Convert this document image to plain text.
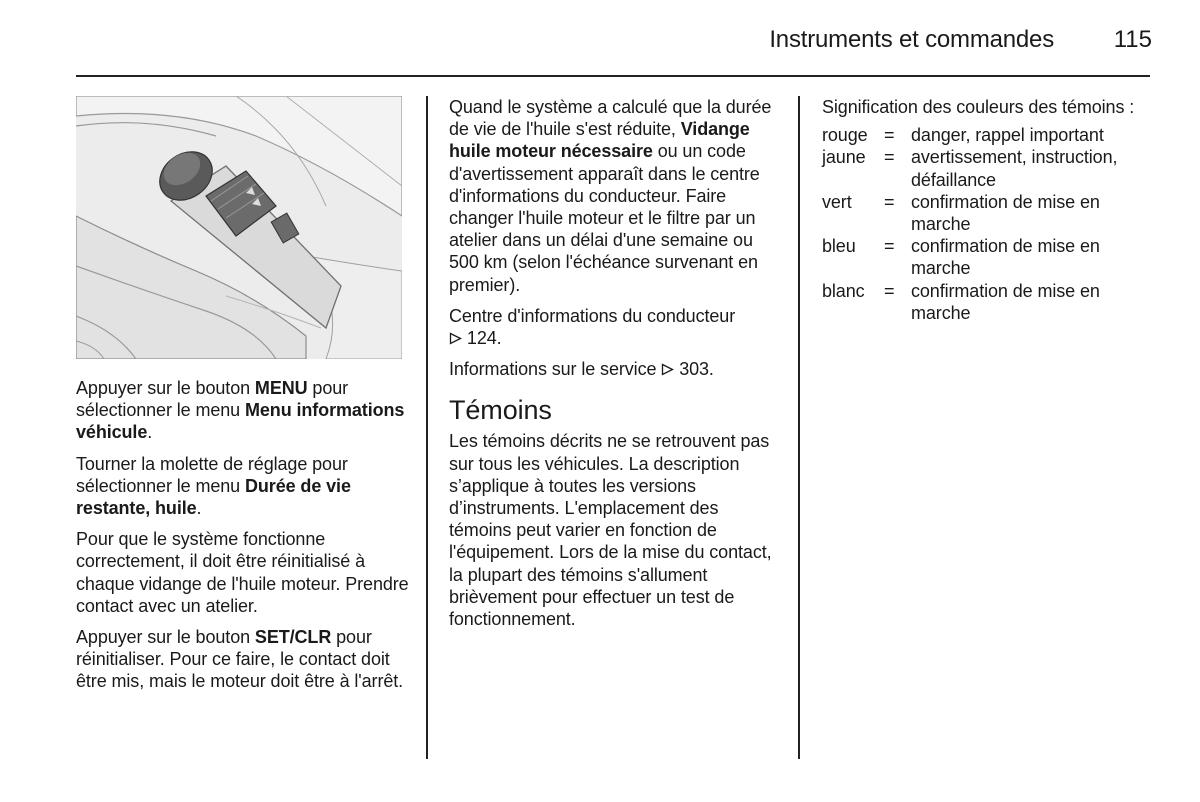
Instruments et commandes 115

Appuyer sur le bouton MENU pour sélectionner le menu Menu informations véhicule.

Tourner la molette de réglage pour sélectionner le menu Durée de vie restante, huile.

Pour que le système fonctionne correctement, il doit être réinitialisé à chaque vidange de l'huile moteur. Prendre contact avec un atelier.

Appuyer sur le bouton SET/CLR pour réinitialiser. Pour ce faire, le contact doit être mis, mais le moteur doit être à l'arrêt.

Quand le système a calculé que la durée de vie de l'huile s'est réduite, Vidange huile moteur nécessaire ou un code d'avertissement apparaît dans le centre d'informations du conducteur. Faire changer l'huile moteur et le filtre par un atelier dans un délai d'une semaine ou 500 km (selon l'échéance survenant en premier).

Centre d'informations du conducteur
124.

Informations sur le service 303.

Témoins

Les témoins décrits ne se retrouvent pas sur tous les véhicules. La description s’applique à toutes les versions d’instruments. L'emplacement des témoins peut varier en fonction de l'équipement. Lors de la mise du contact, la plupart des témoins s'allument brièvement pour effectuer un test de fonctionnement.

Signification des couleurs des témoins :

rouge	=	danger, rappel important
jaune	=	avertissement, instruction, défaillance
vert	=	confirmation de mise en marche
bleu	=	confirmation de mise en marche
blanc	=	confirmation de mise en marche
